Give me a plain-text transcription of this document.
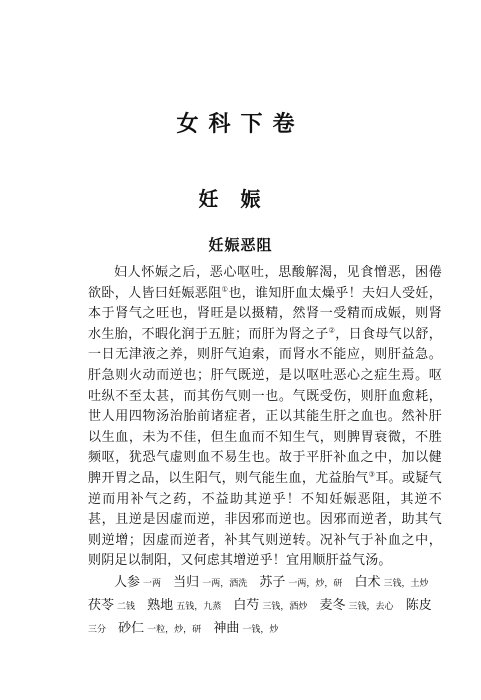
女科下卷
妊娠
妊娠恶阻

妇人怀娠之后，恶心呕吐，思酸解渴，见食憎恶，困倦欲卧，人皆曰妊娠恶阻①也，谁知肝血太燥乎！夫妇人受妊，本于肾气之旺也，肾旺是以摄精，然肾一受精而成娠，则肾水生胎，不暇化润于五脏；而肝为肾之子②，日食母气以舒，一日无津液之养，则肝气迫索，而肾水不能应，则肝益急。肝急则火动而逆也；肝气既逆，是以呕吐恶心之症生焉。呕吐纵不至太甚，而其伤气则一也。气既受伤，则肝血愈耗，世人用四物汤治胎前诸症者，正以其能生肝之血也。然补肝以生血，未为不佳，但生血而不知生气，则脾胃衰微，不胜频呕，犹恐气虚则血不易生也。故于平肝补血之中，加以健脾开胃之品，以生阳气，则气能生血，尤益胎气③耳。或疑气逆而用补气之药，不益助其逆乎！不知妊娠恶阻，其逆不甚，且逆是因虚而逆，非因邪而逆也。因邪而逆者，助其气则逆增；因虚而逆者，补其气则逆转。况补气于补血之中，则阴足以制阳，又何虑其增逆乎！宜用顺肝益气汤。

人参 一两 当归 一两，酒洗 苏子 一两，炒，研 白术 三钱，土炒
茯苓 二钱 熟地 五钱，九蒸 白芍 三钱，酒炒 麦冬 三钱，去心 陈皮
三分 砂仁 一粒，炒，研 神曲 一钱，炒
